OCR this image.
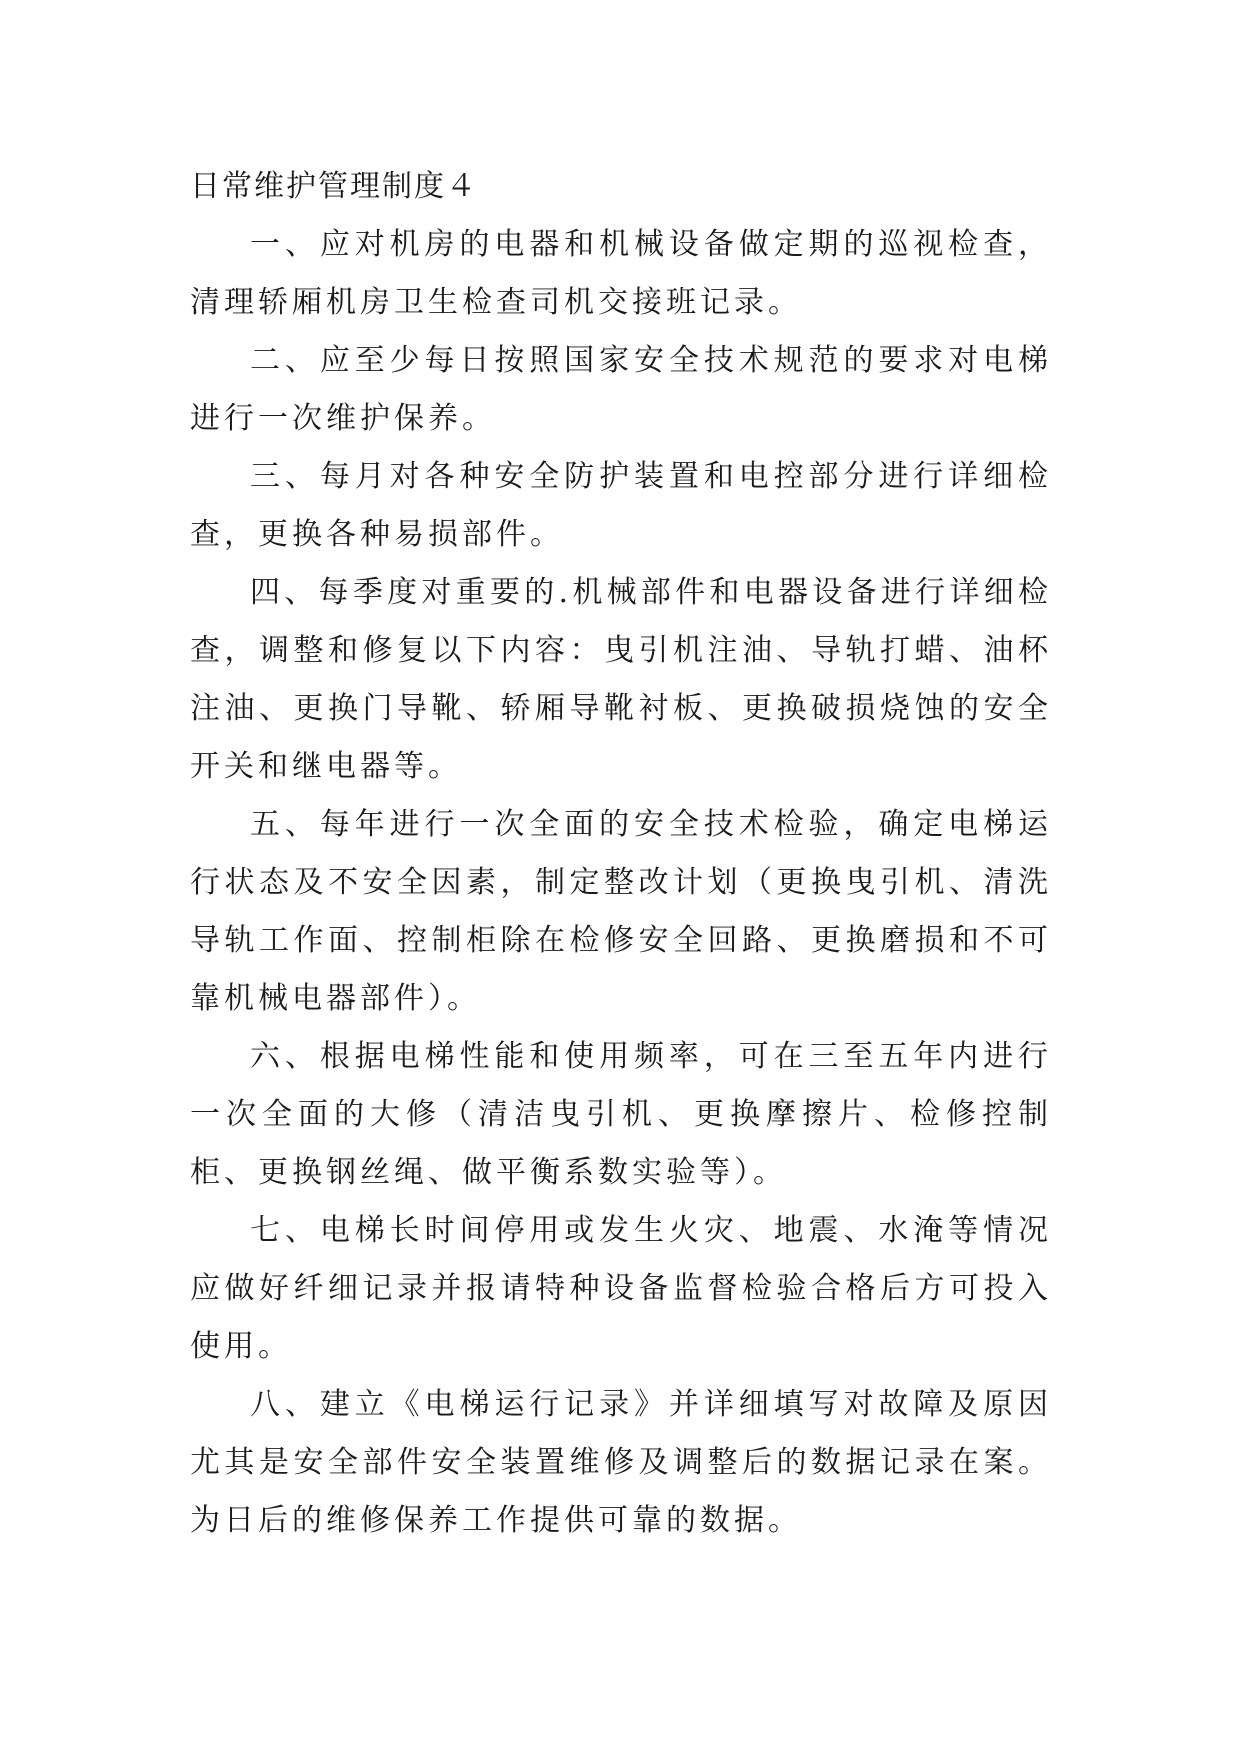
日常维护管理制度４

一、应对机房的电器和机械设备做定期的巡视检查，清理轿厢机房卫生检查司机交接班记录。

二、应至少每日按照国家安全技术规范的要求对电梯进行一次维护保养。

三、每月对各种安全防护装置和电控部分进行详细检查，更换各种易损部件。

四、每季度对重要的.机械部件和电器设备进行详细检查，调整和修复以下内容：曳引机注油、导轨打蜡、油杯注油、更换门导靴、轿厢导靴衬板、更换破损烧蚀的安全开关和继电器等。

五、每年进行一次全面的安全技术检验，确定电梯运行状态及不安全因素，制定整改计划（更换曳引机、清洗导轨工作面、控制柜除在检修安全回路、更换磨损和不可靠机械电器部件）。

六、根据电梯性能和使用频率，可在三至五年内进行一次全面的大修（清洁曳引机、更换摩擦片、检修控制柜、更换钢丝绳、做平衡系数实验等）。

七、电梯长时间停用或发生火灾、地震、水淹等情况应做好纤细记录并报请特种设备监督检验合格后方可投入使用。

八、建立《电梯运行记录》并详细填写对故障及原因尤其是安全部件安全装置维修及调整后的数据记录在案。为日后的维修保养工作提供可靠的数据。
